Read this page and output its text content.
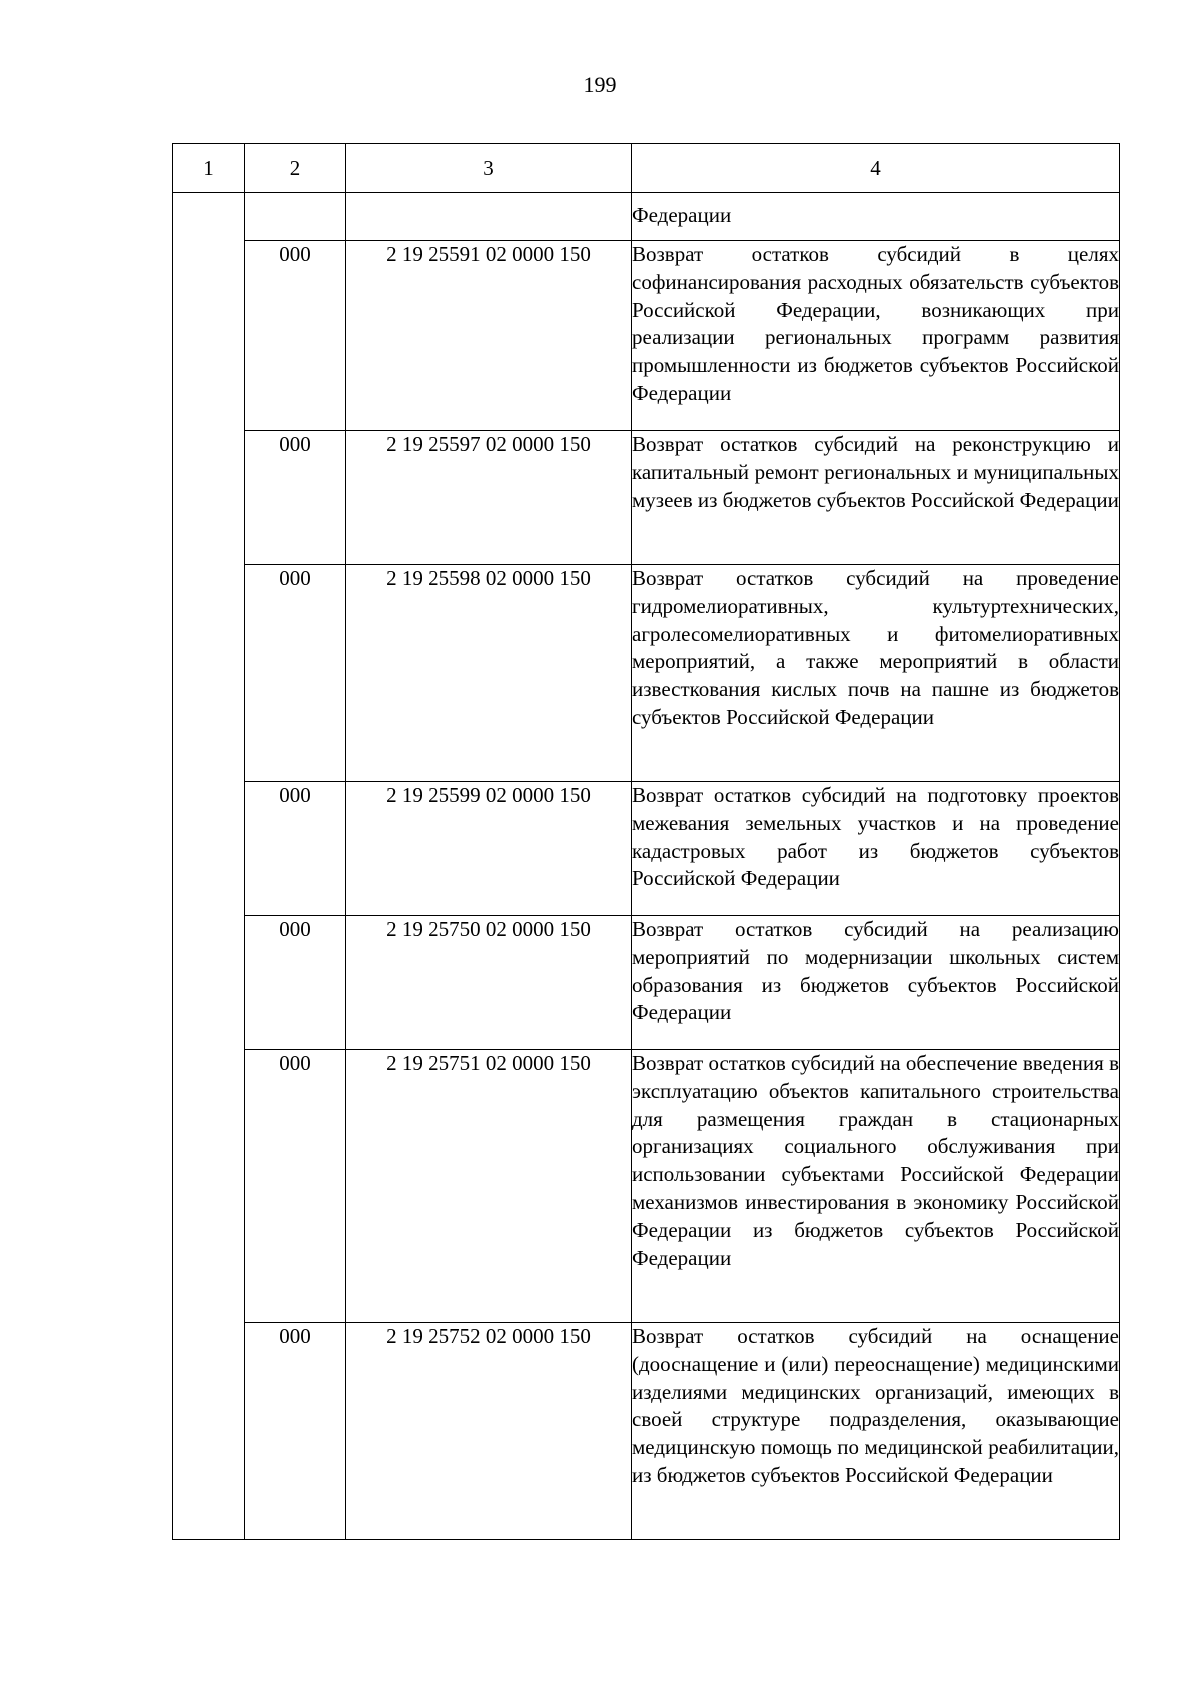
199
1	2	3	4
			Федерации
	000	2 19 25591 02 0000 150	Возврат остатков субсидий в целях софинансирования расходных обязательств субъектов Российской Федерации, возникающих при реализации региональных программ развития промышленности из бюджетов субъектов Российской Федерации
	000	2 19 25597 02 0000 150	Возврат остатков субсидий на реконструкцию и капитальный ремонт региональных и муниципальных музеев из бюджетов субъектов Российской Федерации
	000	2 19 25598 02 0000 150	Возврат остатков субсидий на проведение гидромелиоративных, культуртехнических, агролесомелиоративных и фитомелиоративных мероприятий, а также мероприятий в области известкования кислых почв на пашне из бюджетов субъектов Российской Федерации
	000	2 19 25599 02 0000 150	Возврат остатков субсидий на подготовку проектов межевания земельных участков и на проведение кадастровых работ из бюджетов субъектов Российской Федерации
	000	2 19 25750 02 0000 150	Возврат остатков субсидий на реализацию мероприятий по модернизации школьных систем образования из бюджетов субъектов Российской Федерации
	000	2 19 25751 02 0000 150	Возврат остатков субсидий на обеспечение введения в эксплуатацию объектов капитального строительства для размещения граждан в стационарных организациях социального обслуживания при использовании субъектами Российской Федерации механизмов инвестирования в экономику Российской Федерации из бюджетов субъектов Российской Федерации
	000	2 19 25752 02 0000 150	Возврат остатков субсидий на оснащение (дооснащение и (или) переоснащение) медицинскими изделиями медицинских организаций, имеющих в своей структуре подразделения, оказывающие медицинскую помощь по медицинской реабилитации, из бюджетов субъектов Российской Федерации
